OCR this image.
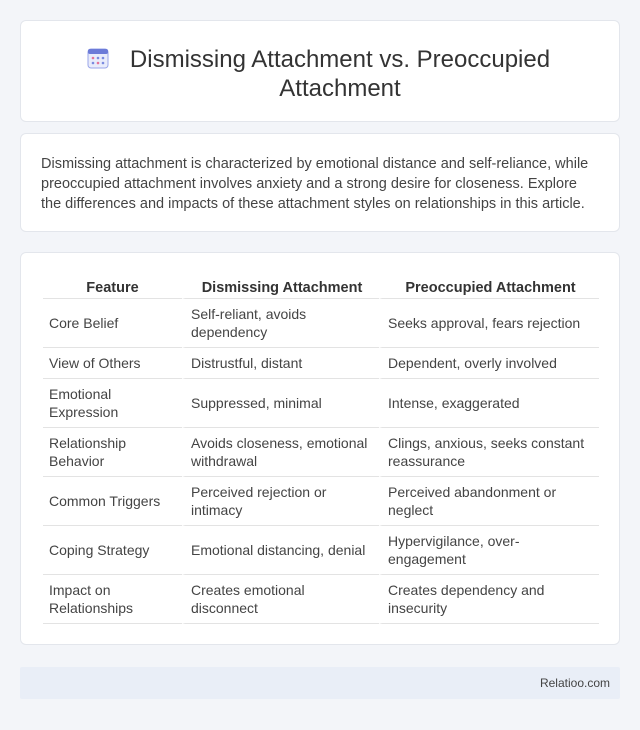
Dismissing Attachment vs. Preoccupied Attachment

Dismissing attachment is characterized by emotional distance and self-reliance, while preoccupied attachment involves anxiety and a strong desire for closeness. Explore the differences and impacts of these attachment styles on relationships in this article.

Feature	Dismissing Attachment	Preoccupied Attachment
Core Belief	Self-reliant, avoids dependency	Seeks approval, fears rejection
View of Others	Distrustful, distant	Dependent, overly involved
Emotional Expression	Suppressed, minimal	Intense, exaggerated
Relationship Behavior	Avoids closeness, emotional withdrawal	Clings, anxious, seeks constant reassurance
Common Triggers	Perceived rejection or intimacy	Perceived abandonment or neglect
Coping Strategy	Emotional distancing, denial	Hypervigilance, over-engagement
Impact on Relationships	Creates emotional disconnect	Creates dependency and insecurity
Relatioo.com
